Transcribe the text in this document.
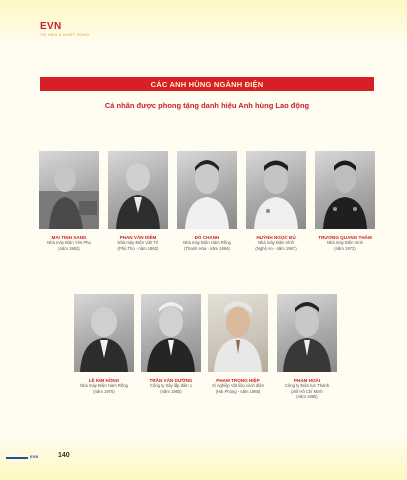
EVN
TỰ HÀO & KHÁT VỌNG
CÁC ANH HÙNG NGÀNH ĐIỆN
Cá nhân được phong tặng danh hiệu Anh hùng Lao động
MAI TINH XANG
Nhà máy Điện Yên Phụ
(năm 1962)
PHAN VĂN DIÊM
Nhà máy Điện Việt Trì
(Phú Thọ - năm 1962)
ĐỖ CHANH
Nhà máy Điện Hàm Rồng
(Thanh Hóa - năm 1966)
HUỲNH NGỌC ĐỦ
Nhà máy Điện Vinh
(Nghệ An - năm 1967)
TRƯƠNG QUANG THẮM
Nhà máy Điện Vinh
(năm 1972)
LÊ KIM HỒNG
Nhà máy Điện Hàm Rồng
(năm 1975)
TRẦN VĂN DƯỠNG
Công ty Xây lắp điện 1
(năm 1985)
PHẠM TRỌNG HIỆP
Xí nghiệp Vật liệu cách điện
(Hải Phòng - năm 1985)
PHẠM HOÀI
Công ty Điện lực Thành
phố Hồ Chí Minh
(năm 1985)
EVN	140
